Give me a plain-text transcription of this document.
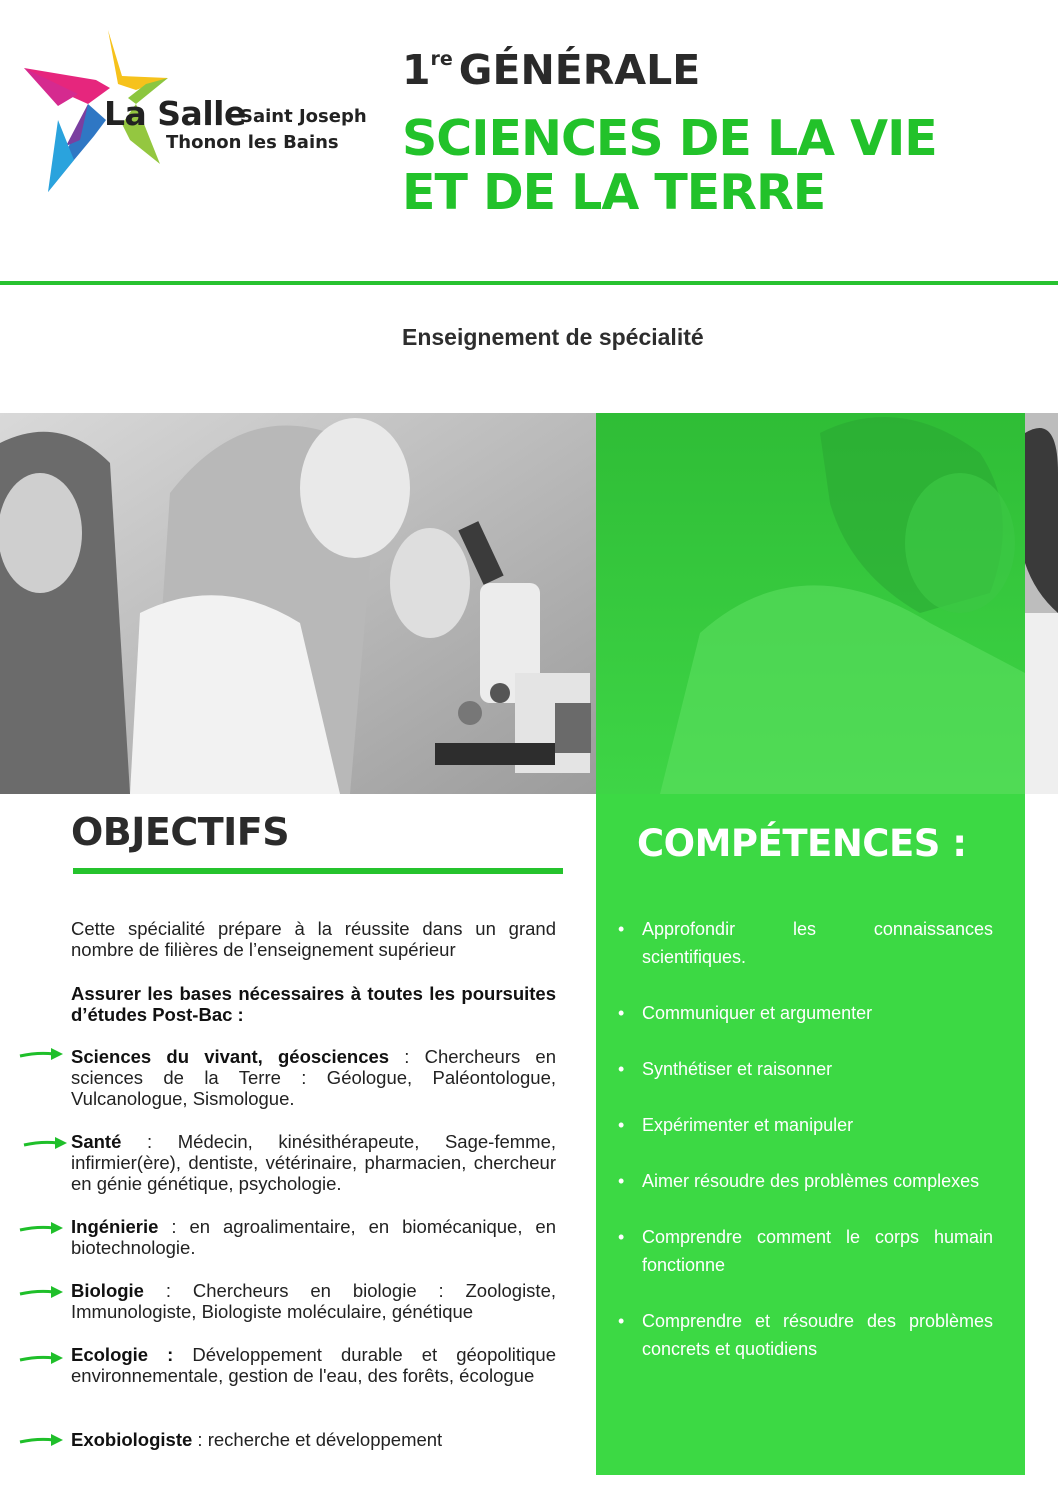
La Salle
Saint Joseph
Thonon les Bains
1re GÉNÉRALE
SCIENCES DE LA VIE
ET DE LA TERRE
Enseignement de spécialité
COMPÉTENCES :
• Approfondir les connaissances scientifiques.
• Communiquer et argumenter
• Synthétiser et raisonner
• Expérimenter et manipuler
• Aimer résoudre des problèmes complexes
• Comprendre comment le corps humain fonctionne
• Comprendre et résoudre des problèmes concrets et quotidiens
OBJECTIFS
Cette spécialité prépare à la réussite dans un grand nombre de filières de l’enseignement supérieur
Assurer les bases nécessaires à toutes les poursuites d’études Post-Bac :
Sciences du vivant, géosciences : Chercheurs en sciences de la Terre : Géologue, Paléontologue, Vulcanologue, Sismologue.
Santé : Médecin, kinésithérapeute, Sage-femme, infirmier(ère), dentiste, vétérinaire, pharmacien, chercheur en génie génétique, psychologie.
Ingénierie : en agroalimentaire, en biomécanique, en biotechnologie.
Biologie : Chercheurs en biologie : Zoologiste, Immunologiste, Biologiste moléculaire, génétique
Ecologie : Développement durable et géopolitique environnementale, gestion de l'eau, des forêts, écologue
Exobiologiste : recherche et développement
